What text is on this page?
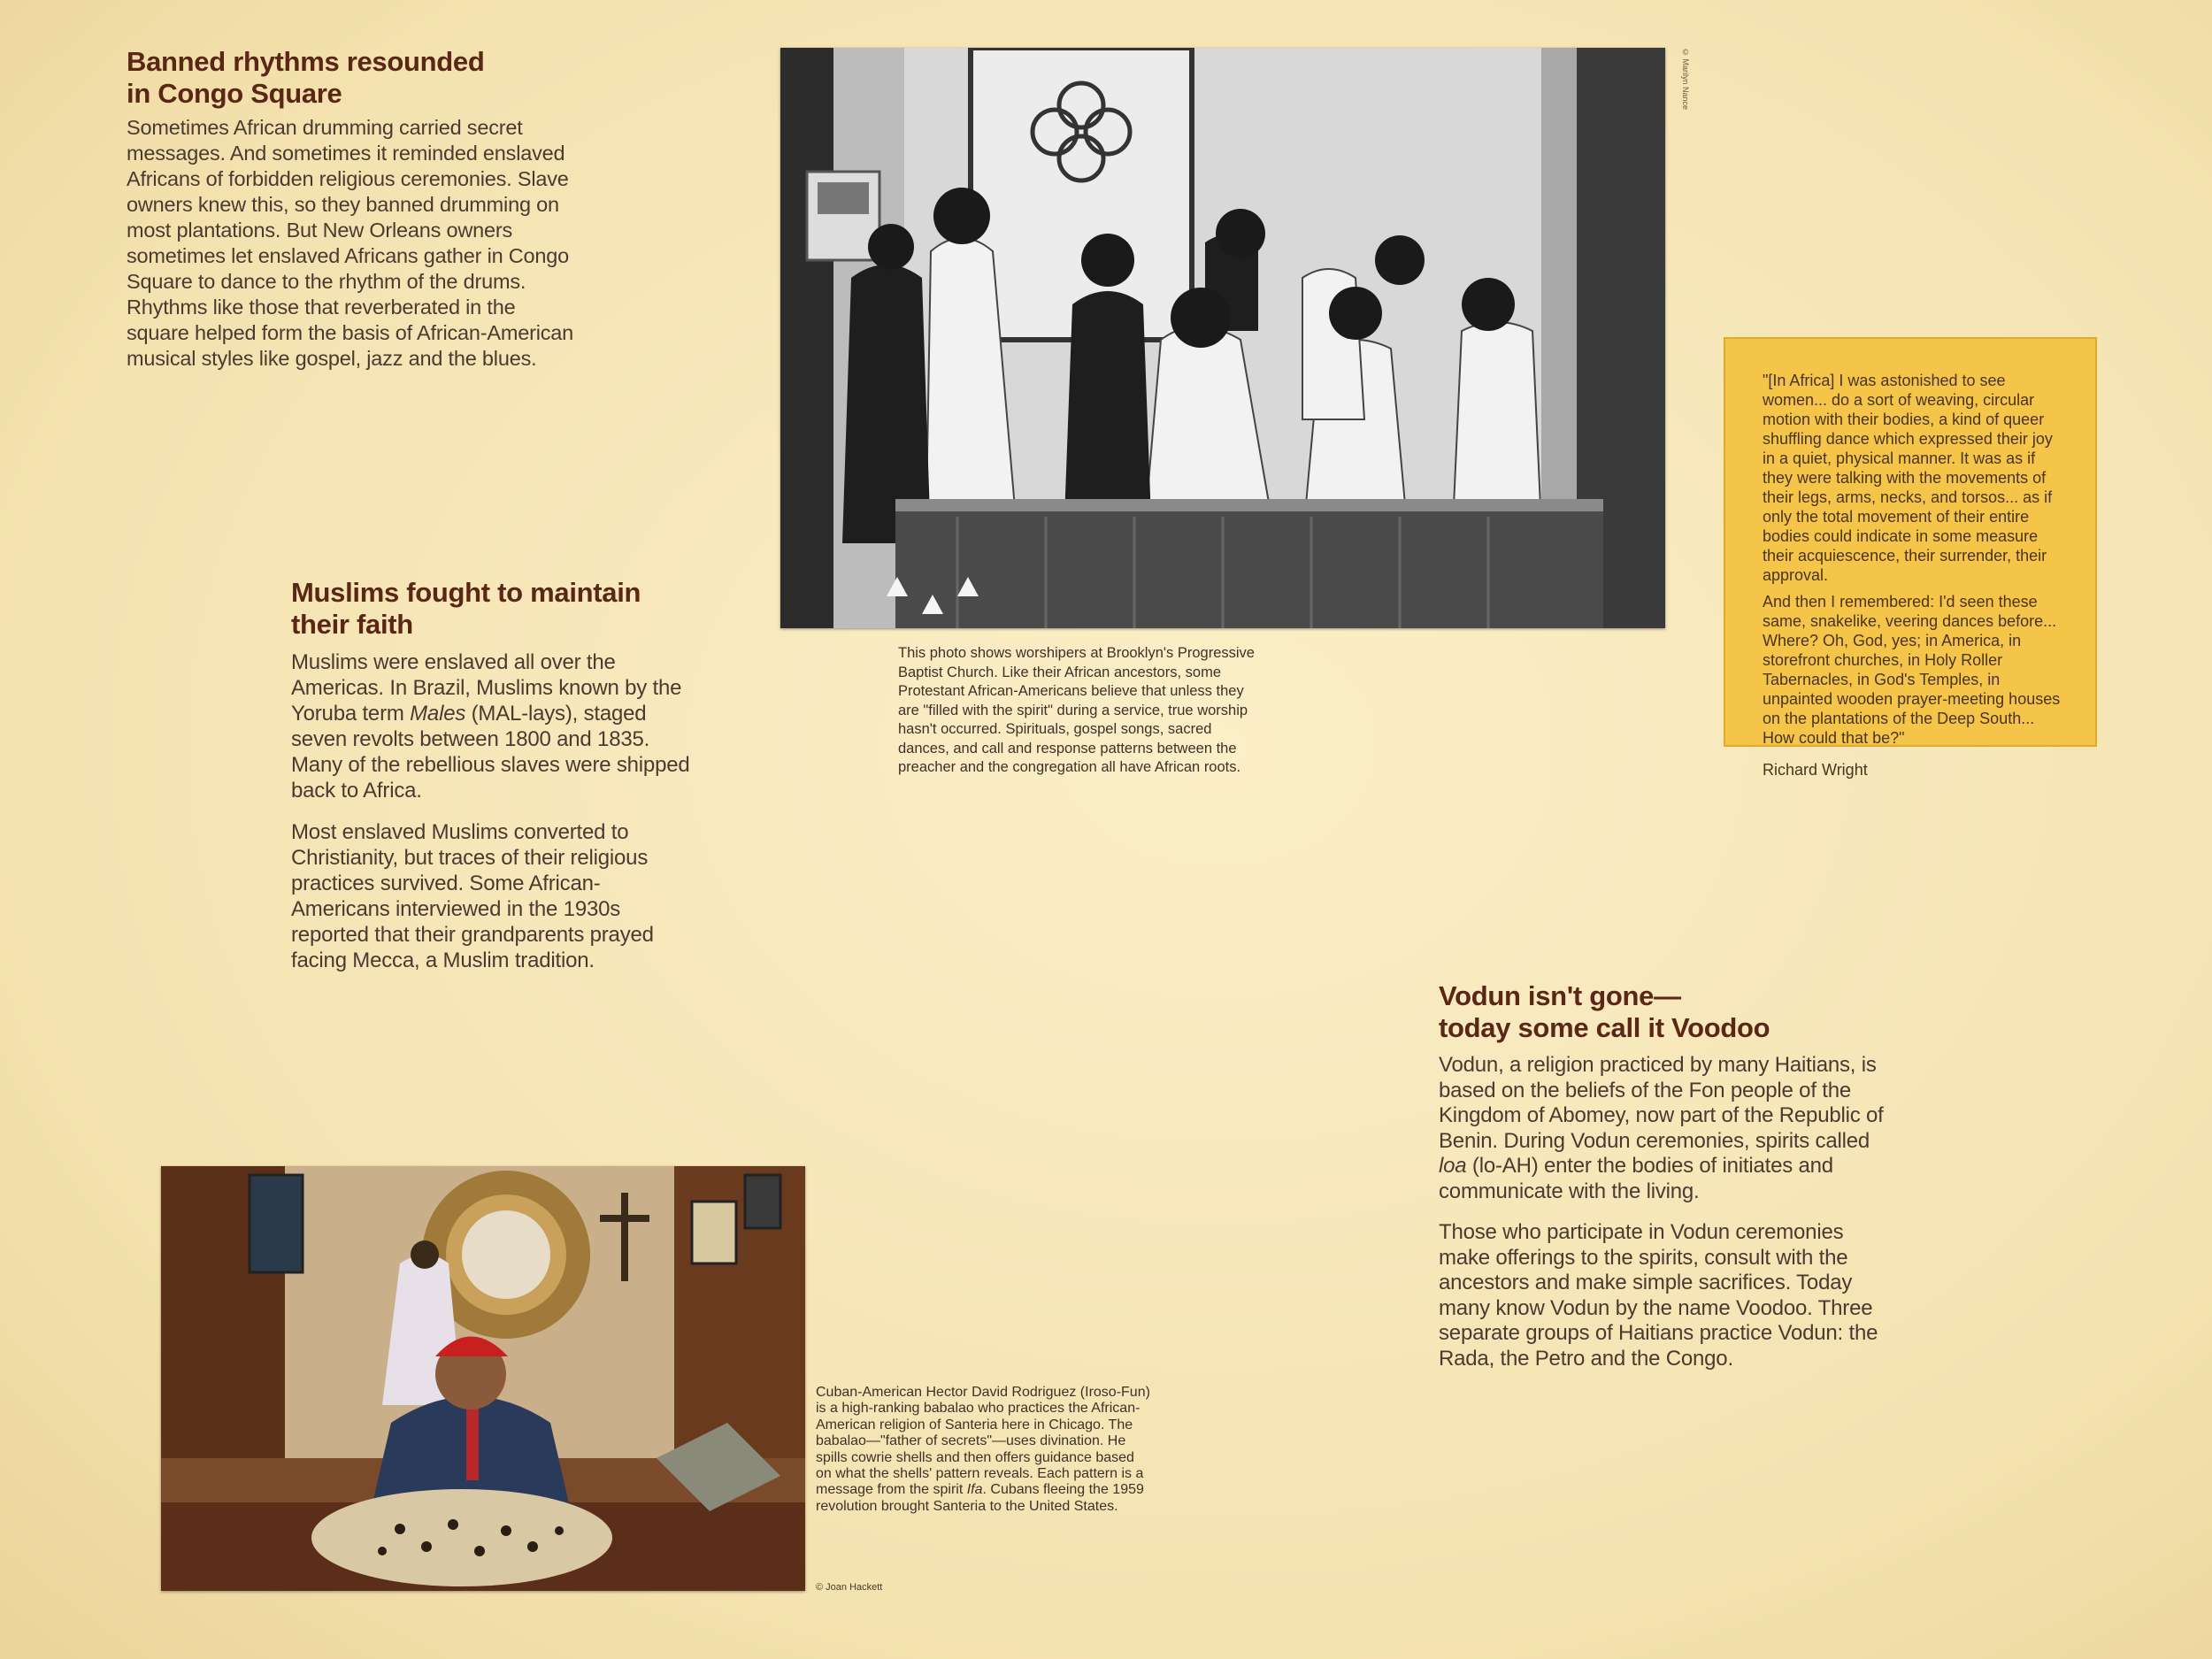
Banned rhythms resounded
in Congo Square

Sometimes African drumming carried secret messages. And sometimes it reminded enslaved Africans of forbidden religious ceremonies. Slave owners knew this, so they banned drumming on most plantations. But New Orleans owners sometimes let enslaved Africans gather in Congo Square to dance to the rhythm of the drums. Rhythms like those that reverberated in the square helped form the basis of African-American musical styles like gospel, jazz and the blues.

Muslims fought to maintain
their faith

Muslims were enslaved all over the Americas. In Brazil, Muslims known by the Yoruba term Males (MAL-lays), staged seven revolts between 1800 and 1835. Many of the rebellious slaves were shipped back to Africa.

Most enslaved Muslims converted to Christianity, but traces of their religious practices survived. Some African-Americans interviewed in the 1930s reported that their grandparents prayed facing Mecca, a Muslim tradition.

© Marilyn Nance

This photo shows worshipers at Brooklyn's Progressive Baptist Church. Like their African ancestors, some Protestant African-Americans believe that unless they are "filled with the spirit" during a service, true worship hasn't occurred. Spirituals, gospel songs, sacred dances, and call and response patterns between the preacher and the congregation all have African roots.

"[In Africa] I was astonished to see women... do a sort of weaving, circular motion with their bodies, a kind of queer shuffling dance which expressed their joy in a quiet, physical manner. It was as if they were talking with the movements of their legs, arms, necks, and torsos... as if only the total movement of their entire bodies could indicate in some measure their acquiescence, their surrender, their approval.

And then I remembered: I'd seen these same, snakelike, veering dances before... Where? Oh, God, yes; in America, in storefront churches, in Holy Roller Tabernacles, in God's Temples, in unpainted wooden prayer-meeting houses on the plantations of the Deep South... How could that be?"

Richard Wright

Vodun isn't gone—
today some call it Voodoo

Vodun, a religion practiced by many Haitians, is based on the beliefs of the Fon people of the Kingdom of Abomey, now part of the Republic of Benin. During Vodun ceremonies, spirits called loa (lo-AH) enter the bodies of initiates and communicate with the living.

Those who participate in Vodun ceremonies make offerings to the spirits, consult with the ancestors and make simple sacrifices. Today many know Vodun by the name Voodoo. Three separate groups of Haitians practice Vodun: the Rada, the Petro and the Congo.

Cuban-American Hector David Rodriguez (Iroso-Fun) is a high-ranking babalao who practices the African-American religion of Santeria here in Chicago. The babalao—"father of secrets"—uses divination. He spills cowrie shells and then offers guidance based on what the shells' pattern reveals. Each pattern is a message from the spirit Ifa. Cubans fleeing the 1959 revolution brought Santeria to the United States.

© Joan Hackett
